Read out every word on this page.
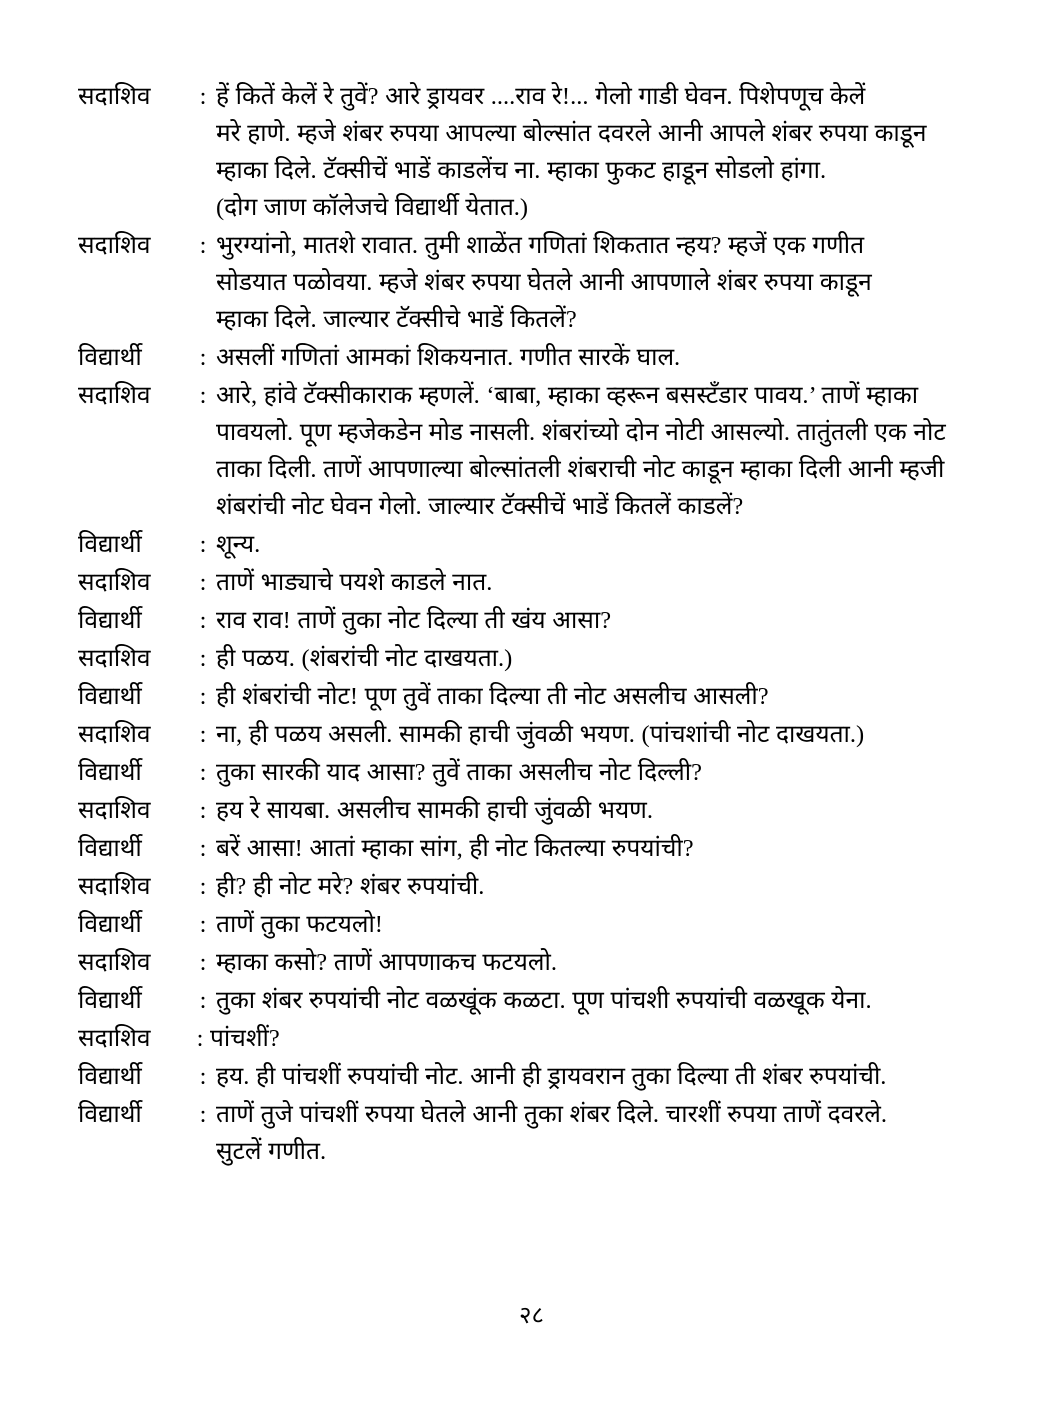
सदाशिव	: हें कितें केलें रे तुवें? आरे ड्रायवर ....राव रे!... गेलो गाडी घेवन. पिशेपणूच केलें
मरे हाणे. म्हजे शंबर रुपया आपल्या बोल्सांत दवरले आनी आपले शंबर रुपया काडून
म्हाका दिले. टॅक्सीचें भाडें काडलेंच ना. म्हाका फुकट हाडून सोडलो हांगा.
(दोग जाण कॉलेजचे विद्यार्थी येतात.)
सदाशिव	: भुरग्यांनो, मातशे रावात. तुमी शाळेंत गणितां शिकतात न्हय? म्हजें एक गणीत
सोडयात पळोवया. म्हजे शंबर रुपया घेतले आनी आपणाले शंबर रुपया काडून
म्हाका दिले. जाल्यार टॅक्सीचे भाडें कितलें?
विद्यार्थी	: असलीं गणितां आमकां शिकयनात. गणीत सारकें घाल.
सदाशिव	: आरे, हांवे टॅक्सीकाराक म्हणलें. ‘बाबा, म्हाका व्हरून बसस्टँडार पावय.’ ताणें म्हाका
पावयलो. पूण म्हजेकडेन मोड नासली. शंबरांच्यो दोन नोटी आसल्यो. तातुंतली एक नोट
ताका दिली. ताणें आपणाल्या बोल्सांतली शंबराची नोट काडून म्हाका दिली आनी म्हजी
शंबरांची नोट घेवन गेलो. जाल्यार टॅक्सीचें भाडें कितलें काडलें?
विद्यार्थी	: शून्य.
सदाशिव	: ताणें भाड्याचे पयशे काडले नात.
विद्यार्थी	: राव राव! ताणें तुका नोट दिल्या ती खंय आसा?
सदाशिव	: ही पळय. (शंबरांची नोट दाखयता.)
विद्यार्थी	: ही शंबरांची नोट! पूण तुवें ताका दिल्या ती नोट असलीच आसली?
सदाशिव	: ना, ही पळय असली. सामकी हाची जुंवळी भयण. (पांचशांची नोट दाखयता.)
विद्यार्थी	: तुका सारकी याद आसा? तुवें ताका असलीच नोट दिल्ली?
सदाशिव	: हय रे सायबा. असलीच सामकी हाची जुंवळी भयण.
विद्यार्थी	: बरें आसा! आतां म्हाका सांग, ही नोट कितल्या रुपयांची?
सदाशिव	: ही? ही नोट मरे? शंबर रुपयांची.
विद्यार्थी	: ताणें तुका फटयलो!
सदाशिव	: म्हाका कसो? ताणें आपणाकच फटयलो.
विद्यार्थी	: तुका शंबर रुपयांची नोट वळखूंक कळटा. पूण पांचशी रुपयांची वळखूक येना.
सदाशिव	: पांचशीं?
विद्यार्थी	: हय. ही पांचशीं रुपयांची नोट. आनी ही ड्रायवरान तुका दिल्या ती शंबर रुपयांची.
विद्यार्थी	: ताणें तुजे पांचशीं रुपया घेतले आनी तुका शंबर दिले. चारशीं रुपया ताणें दवरले.
सुटलें गणीत.
२८
